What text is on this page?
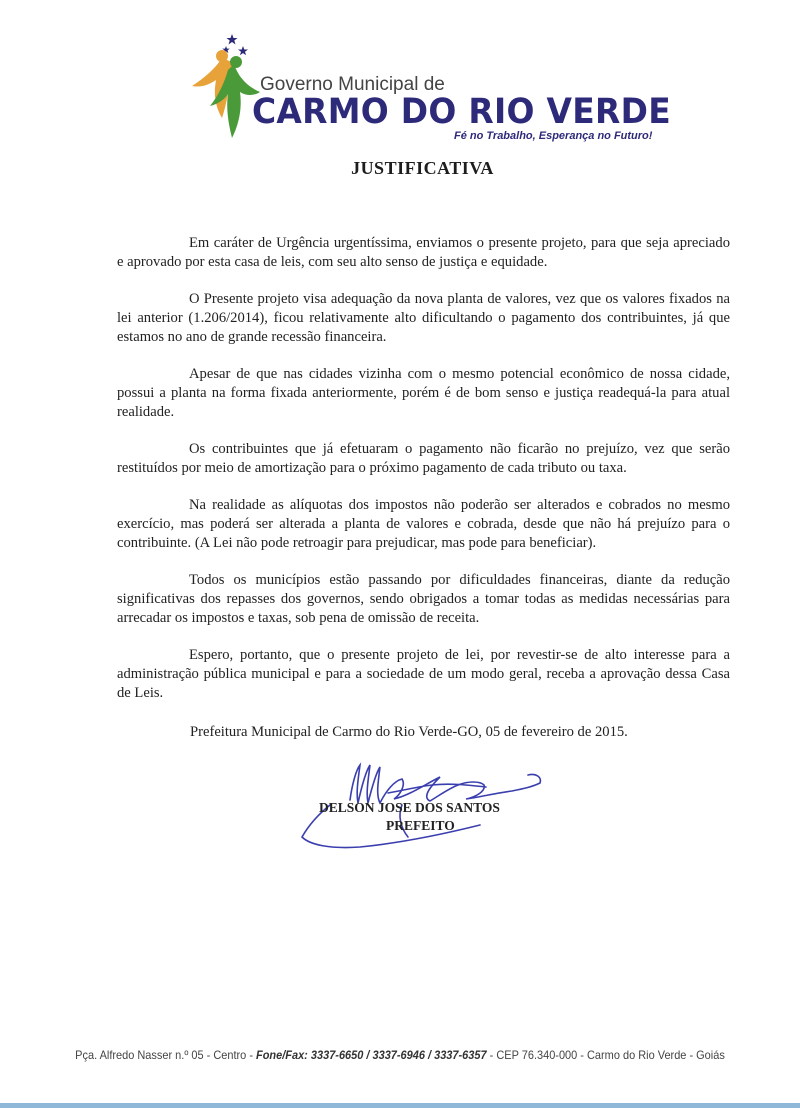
Governo Municipal de
CARMO DO RIO VERDE
Fé no Trabalho, Esperança no Futuro!
JUSTIFICATIVA

Em caráter de Urgência urgentíssima, enviamos o presente projeto, para que seja apreciado e aprovado por esta casa de leis, com seu alto senso de justiça e equidade.

O Presente projeto visa adequação da nova planta de valores, vez que os valores fixados na lei anterior (1.206/2014), ficou relativamente alto dificultando o pagamento dos contribuintes, já que estamos no ano de grande recessão financeira.

Apesar de que nas cidades vizinha com o mesmo potencial econômico de nossa cidade, possui a planta na forma fixada anteriormente, porém é de bom senso e justiça readequá-la para atual realidade.

Os contribuintes que já efetuaram o pagamento não ficarão no prejuízo, vez que serão restituídos por meio de amortização para o próximo pagamento de cada tributo ou taxa.

Na realidade as alíquotas dos impostos não poderão ser alterados e cobrados no mesmo exercício, mas poderá ser alterada a planta de valores e cobrada, desde que não há prejuízo para o contribuinte. (A Lei não pode retroagir para prejudicar, mas pode para beneficiar).

Todos os municípios estão passando por dificuldades financeiras, diante da redução significativas dos repasses dos governos, sendo obrigados a tomar todas as medidas necessárias para arrecadar os impostos e taxas, sob pena de omissão de receita.

Espero, portanto, que o presente projeto de lei, por revestir-se de alto interesse para a administração pública municipal e para a sociedade de um modo geral, receba a aprovação dessa Casa de Leis.

Prefeitura Municipal de Carmo do Rio Verde-GO, 05 de fevereiro de 2015.
DELSON JOSE DOS SANTOS
PREFEITO
Pça. Alfredo Nasser n.º 05 - Centro - Fone/Fax: 3337-6650 / 3337-6946 / 3337-6357 - CEP 76.340-000 - Carmo do Rio Verde - Goiás
